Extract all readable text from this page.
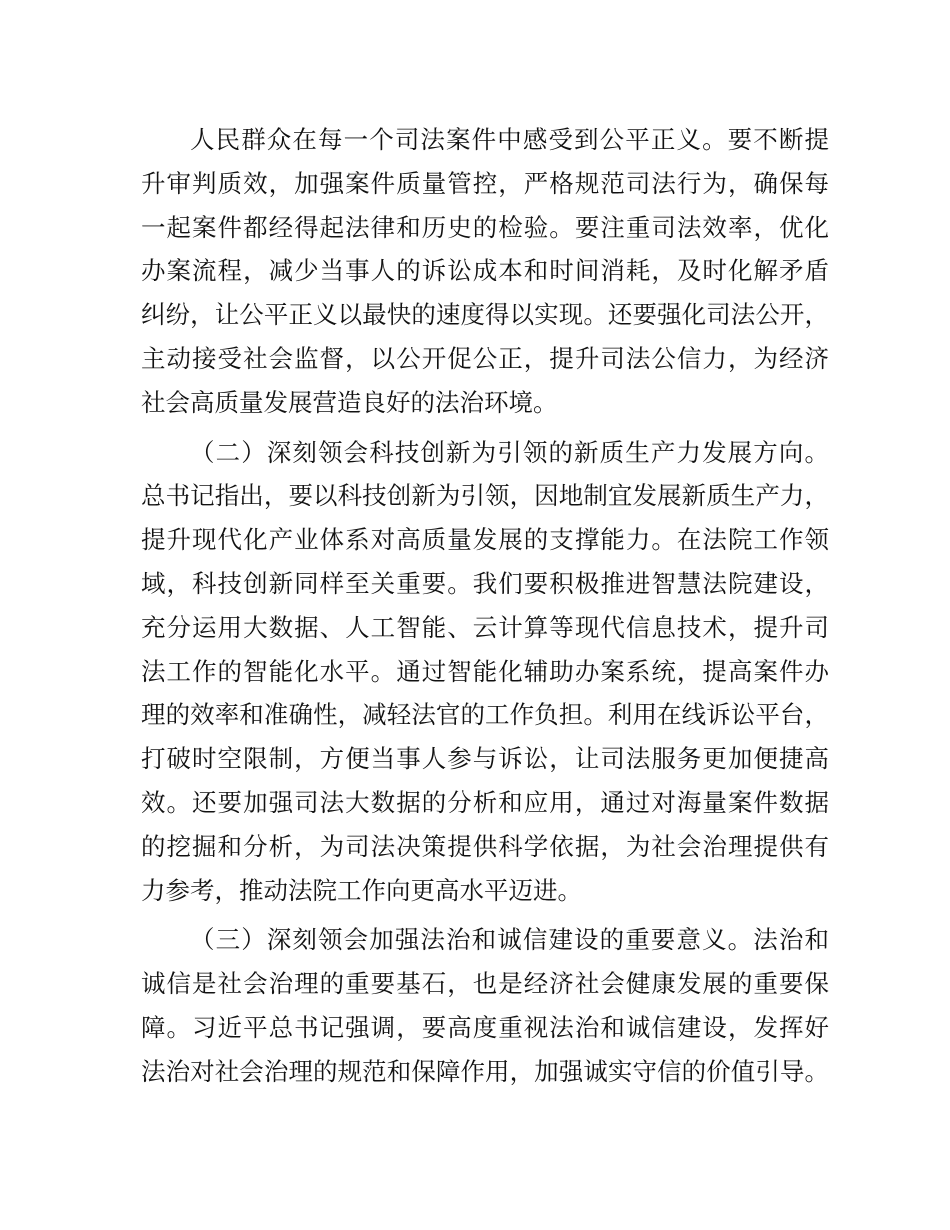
人民群众在每一个司法案件中感受到公平正义。要不断提
升审判质效，加强案件质量管控，严格规范司法行为，确保每
一起案件都经得起法律和历史的检验。要注重司法效率，优化
办案流程，减少当事人的诉讼成本和时间消耗，及时化解矛盾
纠纷，让公平正义以最快的速度得以实现。还要强化司法公开，
主动接受社会监督，以公开促公正，提升司法公信力，为经济
社会高质量发展营造良好的法治环境。
（二）深刻领会科技创新为引领的新质生产力发展方向。
总书记指出，要以科技创新为引领，因地制宜发展新质生产力，
提升现代化产业体系对高质量发展的支撑能力。在法院工作领
域，科技创新同样至关重要。我们要积极推进智慧法院建设，
充分运用大数据、人工智能、云计算等现代信息技术，提升司
法工作的智能化水平。通过智能化辅助办案系统，提高案件办
理的效率和准确性，减轻法官的工作负担。利用在线诉讼平台，
打破时空限制，方便当事人参与诉讼，让司法服务更加便捷高
效。还要加强司法大数据的分析和应用，通过对海量案件数据
的挖掘和分析，为司法决策提供科学依据，为社会治理提供有
力参考，推动法院工作向更高水平迈进。
（三）深刻领会加强法治和诚信建设的重要意义。法治和
诚信是社会治理的重要基石，也是经济社会健康发展的重要保
障。习近平总书记强调，要高度重视法治和诚信建设，发挥好
法治对社会治理的规范和保障作用，加强诚实守信的价值引导。
